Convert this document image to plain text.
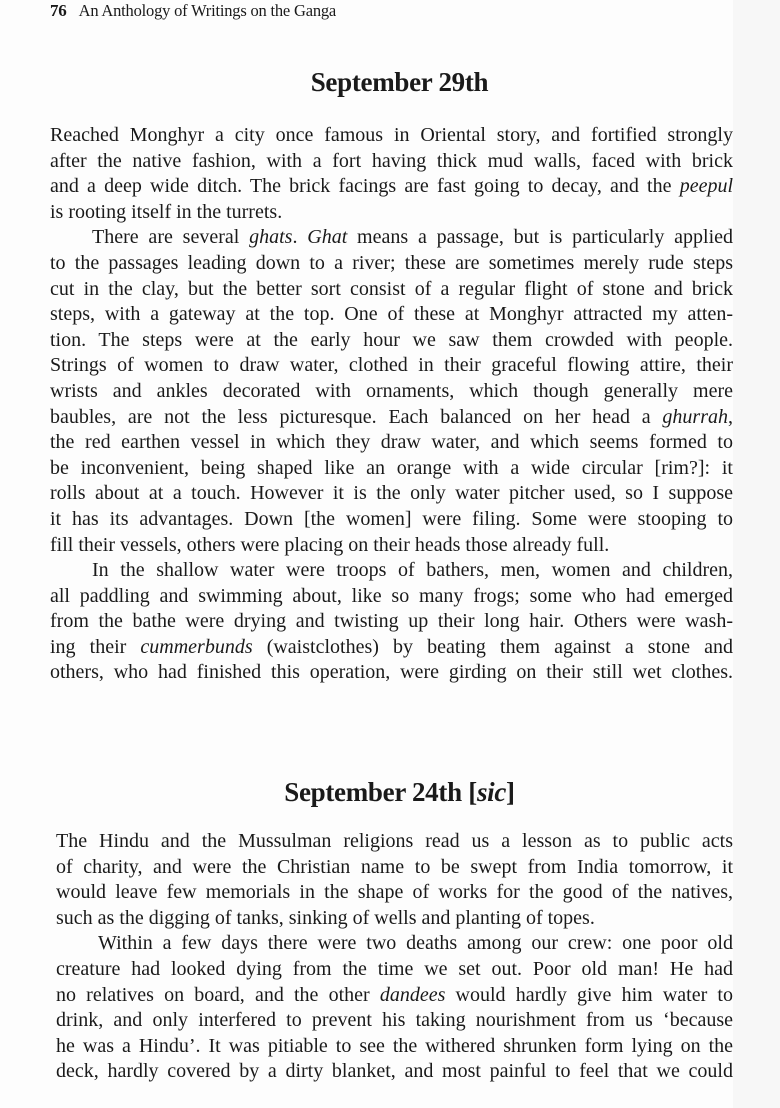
76 An Anthology of Writings on the Ganga
September 29th
Reached Monghyr a city once famous in Oriental story, and fortified strongly
after the native fashion, with a fort having thick mud walls, faced with brick
and a deep wide ditch. The brick facings are fast going to decay, and the peepul
is rooting itself in the turrets.
There are several ghats. Ghat means a passage, but is particularly applied
to the passages leading down to a river; these are sometimes merely rude steps
cut in the clay, but the better sort consist of a regular flight of stone and brick
steps, with a gateway at the top. One of these at Monghyr attracted my atten-
tion. The steps were at the early hour we saw them crowded with people.
Strings of women to draw water, clothed in their graceful flowing attire, their
wrists and ankles decorated with ornaments, which though generally mere
baubles, are not the less picturesque. Each balanced on her head a ghurrah,
the red earthen vessel in which they draw water, and which seems formed to
be inconvenient, being shaped like an orange with a wide circular [rim?]: it
rolls about at a touch. However it is the only water pitcher used, so I suppose
it has its advantages. Down [the women] were filing. Some were stooping to
fill their vessels, others were placing on their heads those already full.
In the shallow water were troops of bathers, men, women and children,
all paddling and swimming about, like so many frogs; some who had emerged
from the bathe were drying and twisting up their long hair. Others were wash-
ing their cummerbunds (waistclothes) by beating them against a stone and
others, who had finished this operation, were girding on their still wet clothes.
September 24th [sic]
The Hindu and the Mussulman religions read us a lesson as to public acts
of charity, and were the Christian name to be swept from India tomorrow, it
would leave few memorials in the shape of works for the good of the natives,
such as the digging of tanks, sinking of wells and planting of topes.
Within a few days there were two deaths among our crew: one poor old
creature had looked dying from the time we set out. Poor old man! He had
no relatives on board, and the other dandees would hardly give him water to
drink, and only interfered to prevent his taking nourishment from us ‘because
he was a Hindu’. It was pitiable to see the withered shrunken form lying on the
deck, hardly covered by a dirty blanket, and most painful to feel that we could
